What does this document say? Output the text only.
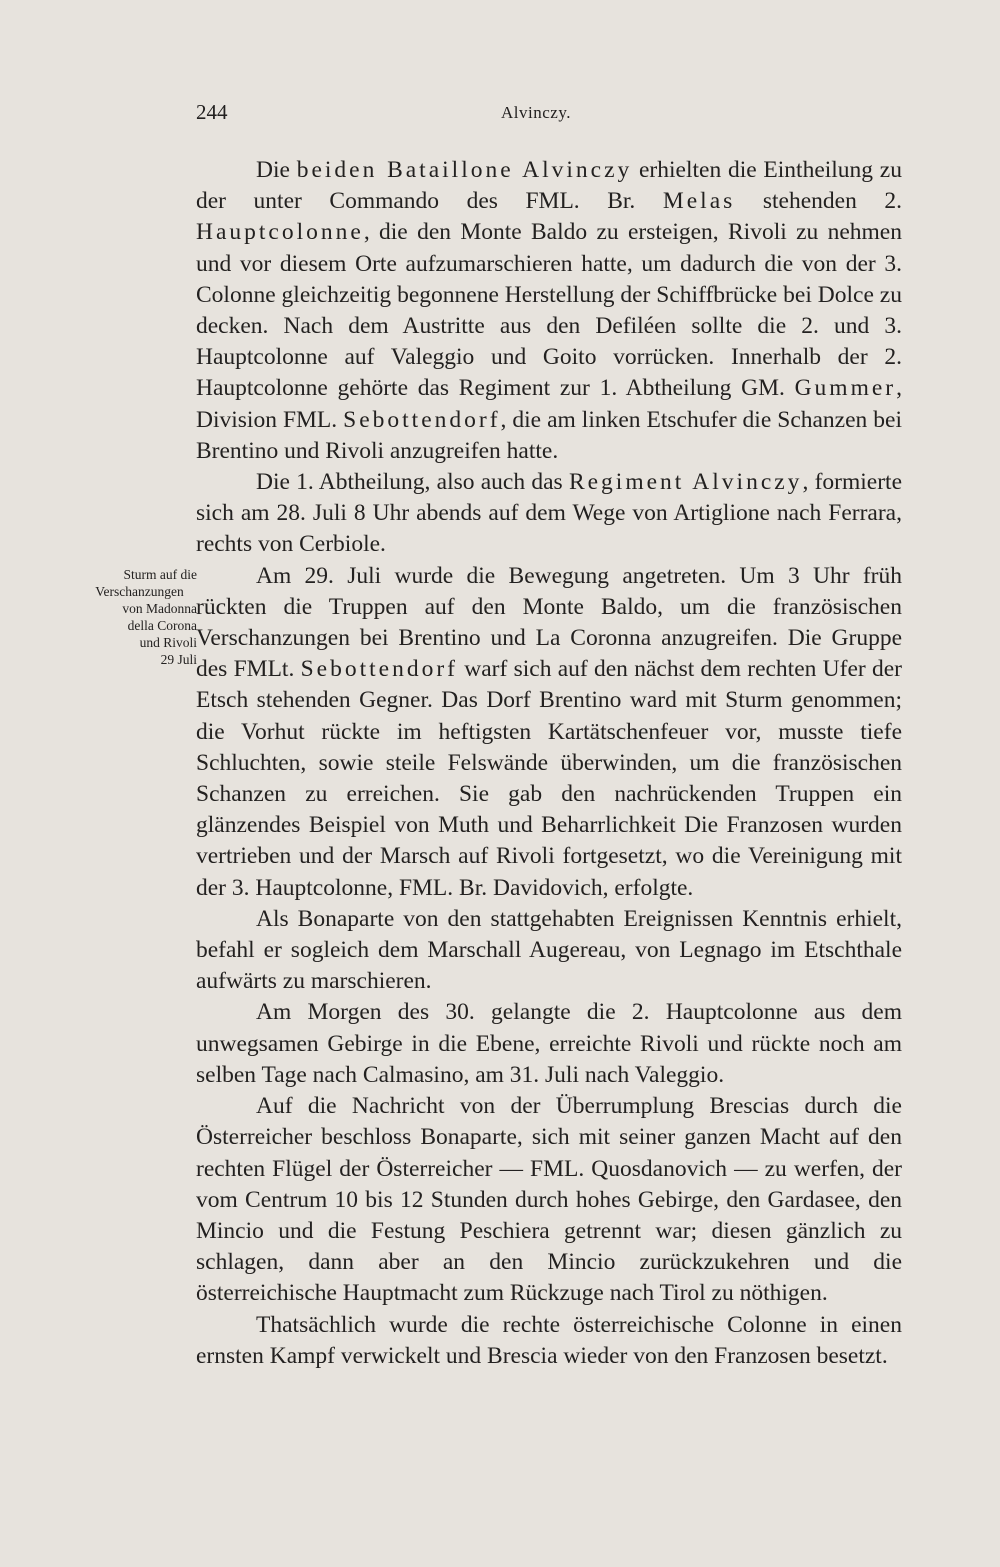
244	Alvinczy.
Sturm auf die
Verschanzungen
von Madonna
della Corona
und Rivoli
29 Juli

Die beiden Bataillone Alvinczy erhielten die Eintheilung zu der unter Commando des FML. Br. Melas stehenden 2. Hauptcolonne, die den Monte Baldo zu ersteigen, Rivoli zu nehmen und vor diesem Orte aufzumarschieren hatte, um dadurch die von der 3. Colonne gleichzeitig begonnene Herstellung der Schiffbrücke bei Dolce zu decken. Nach dem Austritte aus den Defiléen sollte die 2. und 3. Hauptcolonne auf Valeggio und Goito vorrücken. Innerhalb der 2. Hauptcolonne gehörte das Regiment zur 1. Abtheilung GM. Gummer, Division FML. Sebottendorf, die am linken Etschufer die Schanzen bei Brentino und Rivoli anzugreifen hatte.

Die 1. Abtheilung, also auch das Regiment Alvinczy, formierte sich am 28. Juli 8 Uhr abends auf dem Wege von Artiglione nach Ferrara, rechts von Cerbiole.

Am 29. Juli wurde die Bewegung angetreten. Um 3 Uhr früh rückten die Truppen auf den Monte Baldo, um die französischen Verschanzungen bei Brentino und La Coronna anzugreifen. Die Gruppe des FMLt. Sebottendorf warf sich auf den nächst dem rechten Ufer der Etsch stehenden Gegner. Das Dorf Brentino ward mit Sturm genommen; die Vorhut rückte im heftigsten Kartätschenfeuer vor, musste tiefe Schluchten, sowie steile Felswände überwinden, um die französischen Schanzen zu erreichen. Sie gab den nachrückenden Truppen ein glänzendes Beispiel von Muth und Beharrlichkeit Die Franzosen wurden vertrieben und der Marsch auf Rivoli fortgesetzt, wo die Vereinigung mit der 3. Hauptcolonne, FML. Br. Davidovich, erfolgte.

Als Bonaparte von den stattgehabten Ereignissen Kenntnis erhielt, befahl er sogleich dem Marschall Augereau, von Legnago im Etschthale aufwärts zu marschieren.

Am Morgen des 30. gelangte die 2. Hauptcolonne aus dem unwegsamen Gebirge in die Ebene, erreichte Rivoli und rückte noch am selben Tage nach Calmasino, am 31. Juli nach Valeggio.

Auf die Nachricht von der Überrumplung Brescias durch die Österreicher beschloss Bonaparte, sich mit seiner ganzen Macht auf den rechten Flügel der Österreicher — FML. Quosdanovich — zu werfen, der vom Centrum 10 bis 12 Stunden durch hohes Gebirge, den Gardasee, den Mincio und die Festung Peschiera getrennt war; diesen gänzlich zu schlagen, dann aber an den Mincio zurückzukehren und die österreichische Hauptmacht zum Rückzuge nach Tirol zu nöthigen.

Thatsächlich wurde die rechte österreichische Colonne in einen ernsten Kampf verwickelt und Brescia wieder von den Franzosen besetzt.
